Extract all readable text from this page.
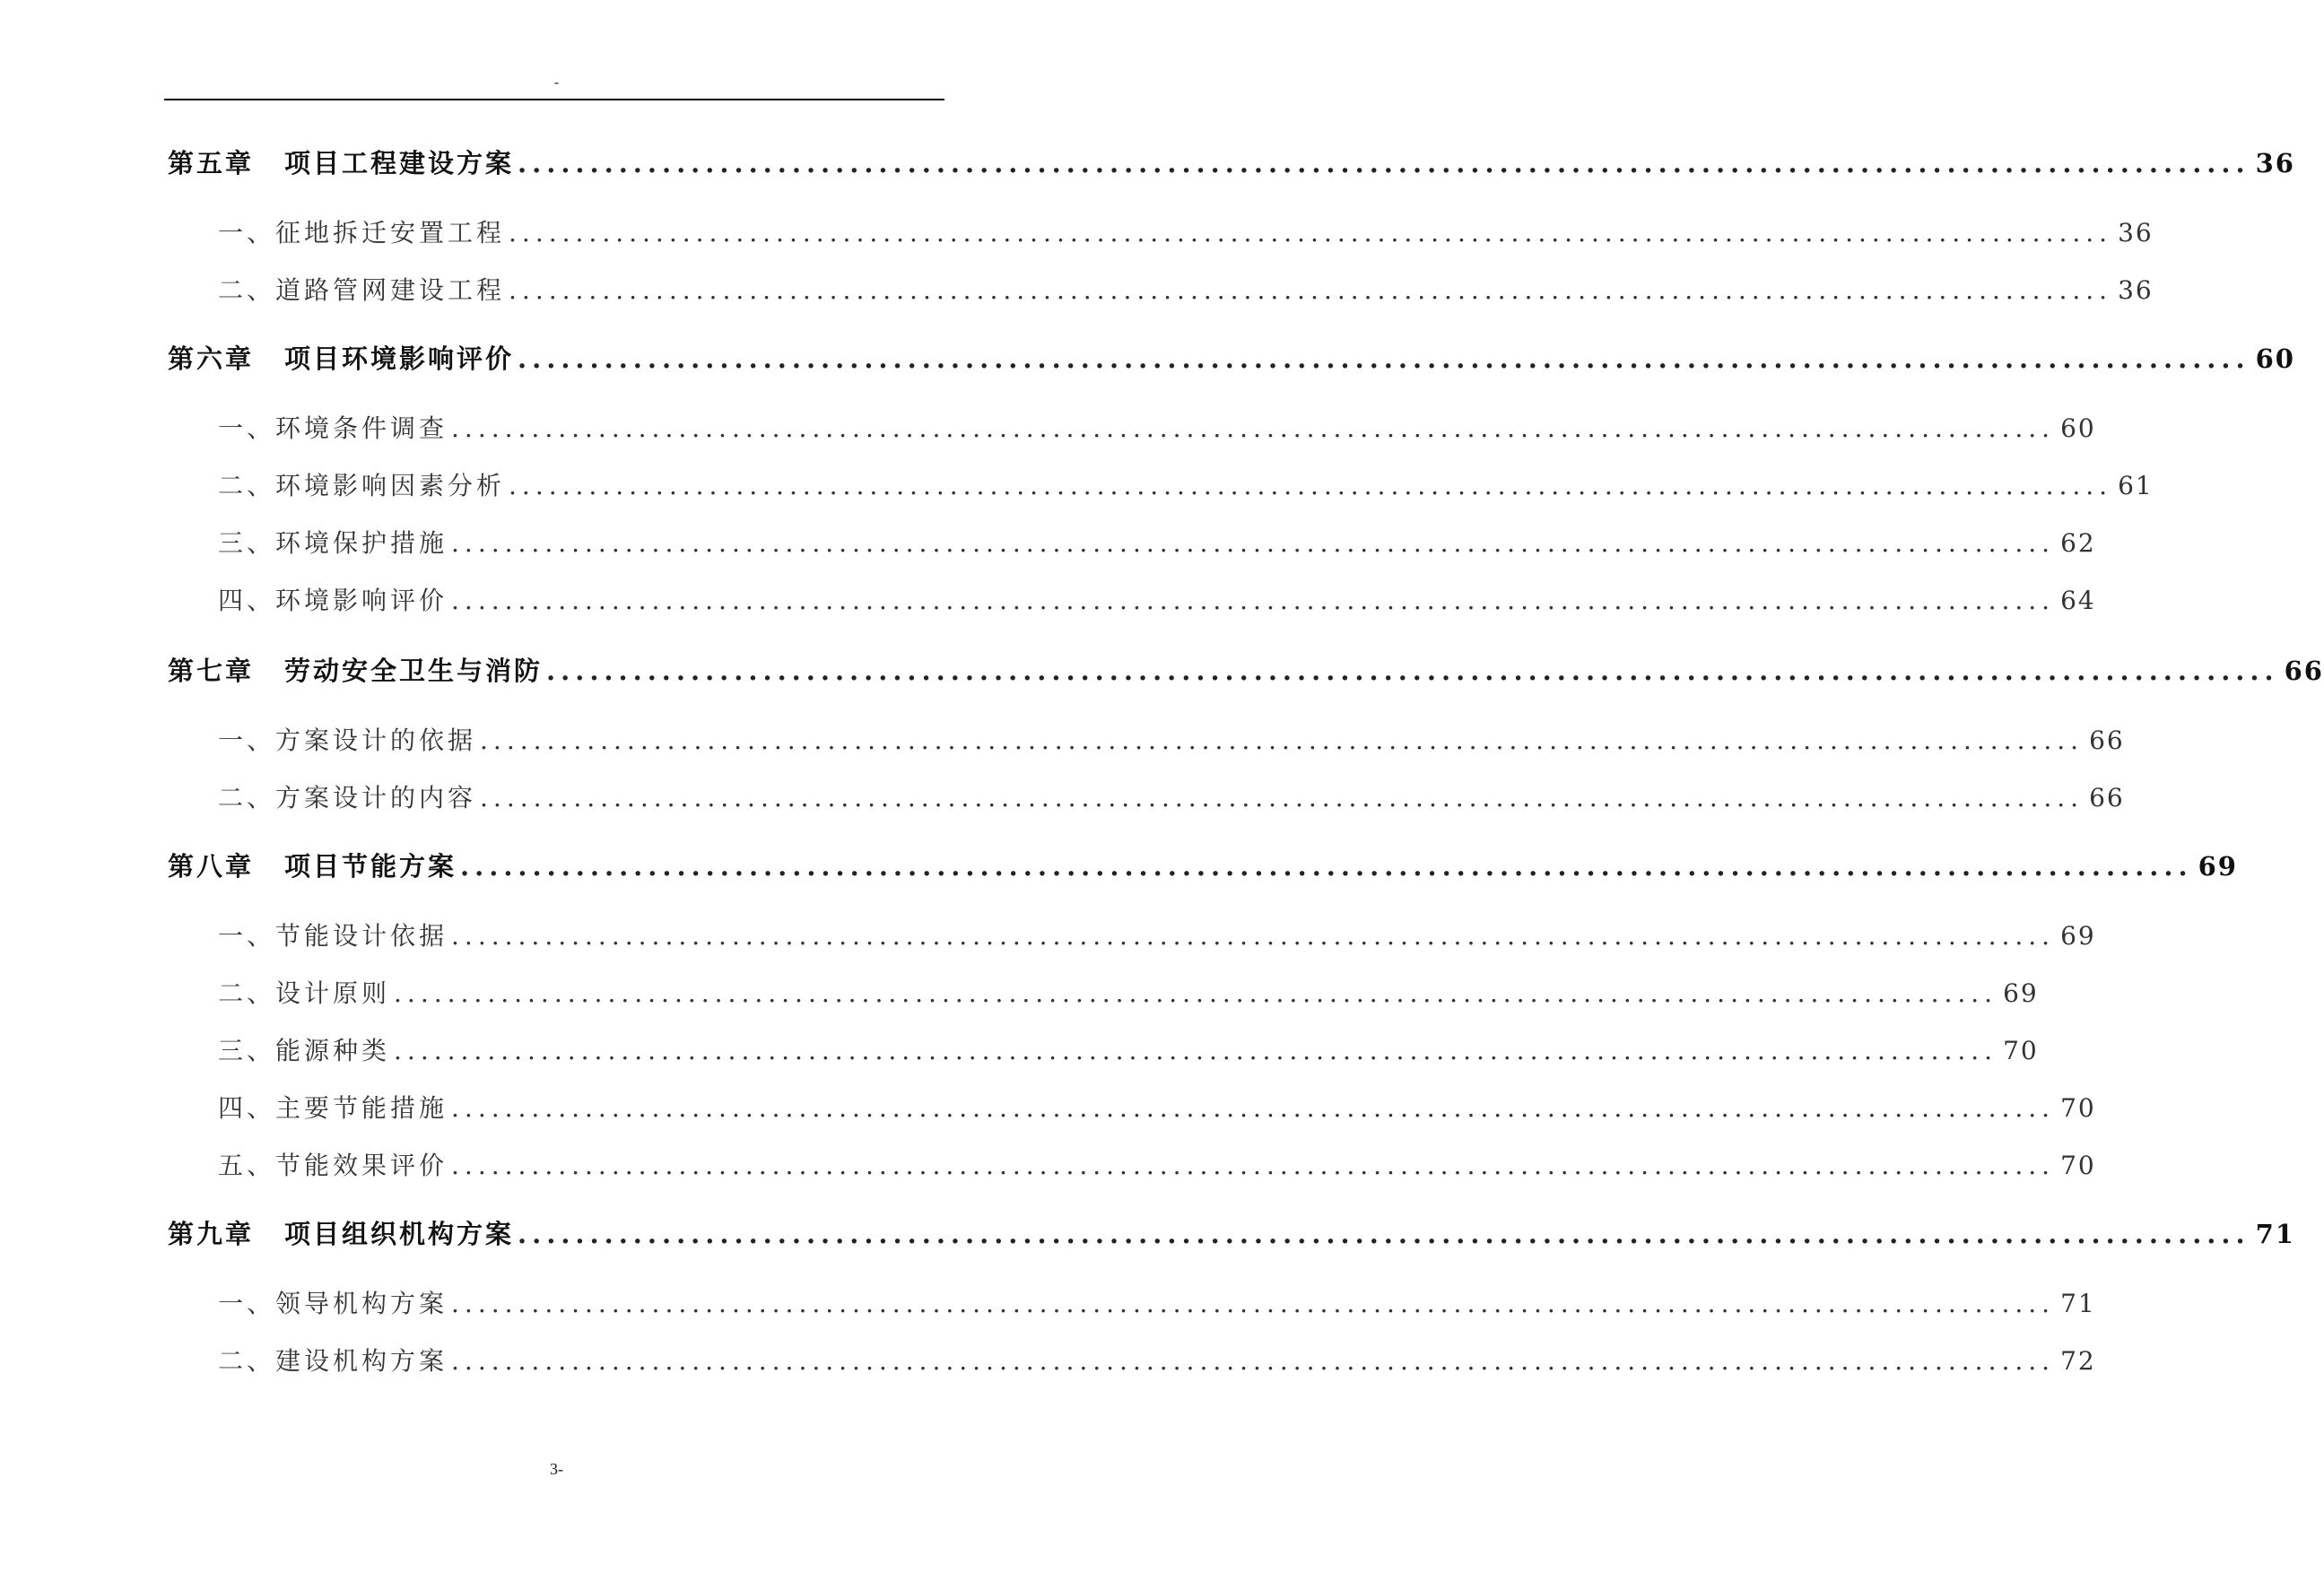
-
第五章 项目工程建设方案 ........................................................................................................................ 36
一、 征地拆迁安置工程 ........................................................................................................................ 36
二、 道路管网建设工程 ........................................................................................................................ 36
第六章 项目环境影响评价 ........................................................................................................................ 60
一、 环境条件调查 ........................................................................................................................ 60
二、 环境影响因素分析 ........................................................................................................................ 61
三、 环境保护措施 ........................................................................................................................ 62
四、 环境影响评价 ........................................................................................................................ 64
第七章 劳动安全卫生与消防 ........................................................................................................................ 66
一、 方案设计的依据 ........................................................................................................................ 66
二、 方案设计的内容 ........................................................................................................................ 66
第八章 项目节能方案 ........................................................................................................................ 69
一、 节能设计依据 ........................................................................................................................ 69
二、 设计原则 ........................................................................................................................ 69
三、 能源种类 ........................................................................................................................ 70
四、 主要节能措施 ........................................................................................................................ 70
五、 节能效果评价 ........................................................................................................................ 70
第九章 项目组织机构方案 ........................................................................................................................ 71
一、 领导机构方案 ........................................................................................................................ 71
二、 建设机构方案 ........................................................................................................................ 72
3-
